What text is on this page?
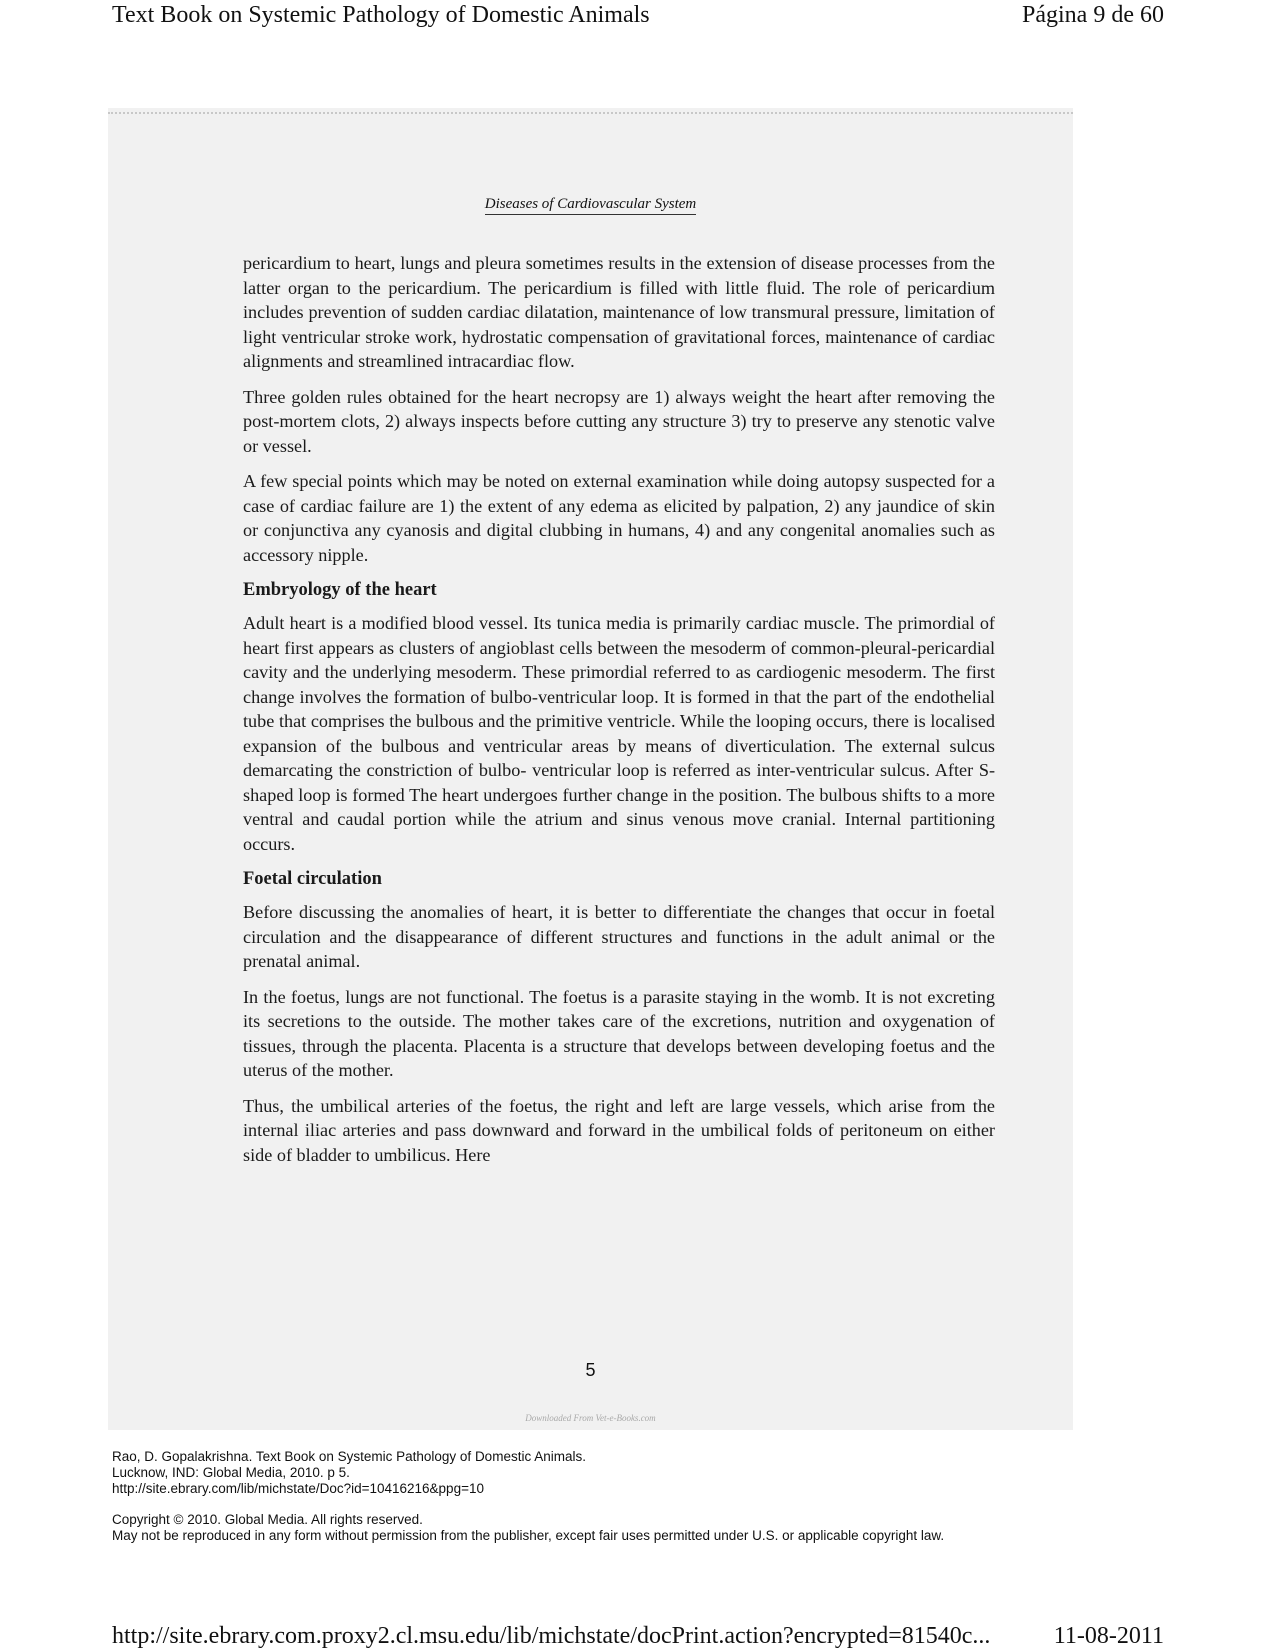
Text Book on Systemic Pathology of Domestic Animals	Página 9 de 60
Diseases of Cardiovascular System

pericardium to heart, lungs and pleura sometimes results in the extension of disease processes from the latter organ to the pericardium. The pericardium is filled with little fluid. The role of pericardium includes prevention of sudden cardiac dilatation, maintenance of low transmural pressure, limitation of light ventricular stroke work, hydrostatic compensation of gravitational forces, maintenance of cardiac alignments and streamlined intracardiac flow.

Three golden rules obtained for the heart necropsy are 1) always weight the heart after removing the post-mortem clots, 2) always inspects before cutting any structure 3) try to preserve any stenotic valve or vessel.

A few special points which may be noted on external examination while doing autopsy suspected for a case of cardiac failure are 1) the extent of any edema as elicited by palpation, 2) any jaundice of skin or conjunctiva any cyanosis and digital clubbing in humans, 4) and any congenital anomalies such as accessory nipple.

Embryology of the heart

Adult heart is a modified blood vessel. Its tunica media is primarily cardiac muscle. The primordial of heart first appears as clusters of angioblast cells between the mesoderm of common-pleural-pericardial cavity and the underlying mesoderm. These primordial referred to as cardiogenic mesoderm. The first change involves the formation of bulbo-ventricular loop. It is formed in that the part of the endothelial tube that comprises the bulbous and the primitive ventricle. While the looping occurs, there is localised expansion of the bulbous and ventricular areas by means of diverticulation. The external sulcus demarcating the constriction of bulbo- ventricular loop is referred as inter-ventricular sulcus. After S-shaped loop is formed The heart undergoes further change in the position. The bulbous shifts to a more ventral and caudal portion while the atrium and sinus venous move cranial. Internal partitioning occurs.

Foetal circulation

Before discussing the anomalies of heart, it is better to differentiate the changes that occur in foetal circulation and the disappearance of different structures and functions in the adult animal or the prenatal animal.

In the foetus, lungs are not functional. The foetus is a parasite staying in the womb. It is not excreting its secretions to the outside. The mother takes care of the excretions, nutrition and oxygenation of tissues, through the placenta. Placenta is a structure that develops between developing foetus and the uterus of the mother.

Thus, the umbilical arteries of the foetus, the right and left are large vessels, which arise from the internal iliac arteries and pass downward and forward in the umbilical folds of peritoneum on either side of bladder to umbilicus. Here

5
Downloaded From Vet-e-Books.com
Rao, D. Gopalakrishna. Text Book on Systemic Pathology of Domestic Animals.
Lucknow, IND: Global Media, 2010. p 5.
http://site.ebrary.com/lib/michstate/Doc?id=10416216&ppg=10
Copyright © 2010. Global Media. All rights reserved.
May not be reproduced in any form without permission from the publisher, except fair uses permitted under U.S. or applicable copyright law.
http://site.ebrary.com.proxy2.cl.msu.edu/lib/michstate/docPrint.action?encrypted=81540c...	11-08-2011
